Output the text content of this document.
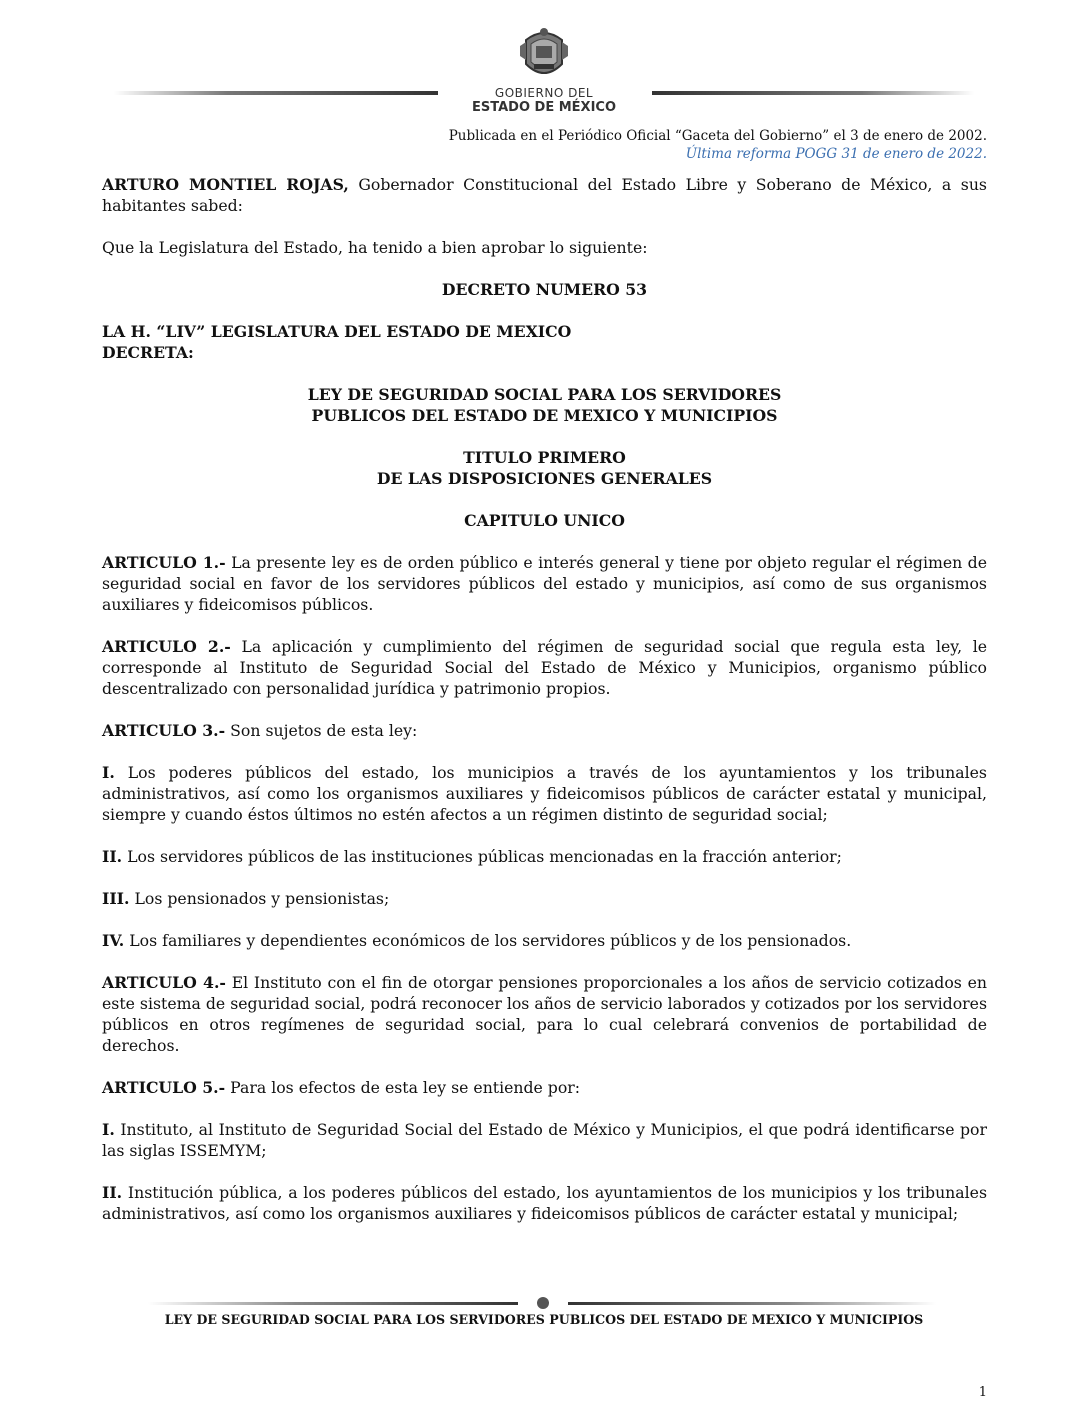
GOBIERNO DEL
ESTADO DE MÉXICO
Publicada en el Periódico Oficial “Gaceta del Gobierno” el 3 de enero de 2002.
Última reforma POGG 31 de enero de 2022.

ARTURO MONTIEL ROJAS, Gobernador Constitucional del Estado Libre y Soberano de México, a sus habitantes sabed:

Que la Legislatura del Estado, ha tenido a bien aprobar lo siguiente:

DECRETO NUMERO 53

LA H. “LIV” LEGISLATURA DEL ESTADO DE MEXICO

DECRETA:

LEY DE SEGURIDAD SOCIAL PARA LOS SERVIDORES

PUBLICOS DEL ESTADO DE MEXICO Y MUNICIPIOS

TITULO PRIMERO

DE LAS DISPOSICIONES GENERALES

CAPITULO UNICO

ARTICULO 1.- La presente ley es de orden público e interés general y tiene por objeto regular el régimen de seguridad social en favor de los servidores públicos del estado y municipios, así como de sus organismos auxiliares y fideicomisos públicos.

ARTICULO 2.- La aplicación y cumplimiento del régimen de seguridad social que regula esta ley, le corresponde al Instituto de Seguridad Social del Estado de México y Municipios, organismo público descentralizado con personalidad jurídica y patrimonio propios.

ARTICULO 3.- Son sujetos de esta ley:

I. Los poderes públicos del estado, los municipios a través de los ayuntamientos y los tribunales administrativos, así como los organismos auxiliares y fideicomisos públicos de carácter estatal y municipal, siempre y cuando éstos últimos no estén afectos a un régimen distinto de seguridad social;

II. Los servidores públicos de las instituciones públicas mencionadas en la fracción anterior;

III. Los pensionados y pensionistas;

IV. Los familiares y dependientes económicos de los servidores públicos y de los pensionados.

ARTICULO 4.- El Instituto con el fin de otorgar pensiones proporcionales a los años de servicio cotizados en este sistema de seguridad social, podrá reconocer los años de servicio laborados y cotizados por los servidores públicos en otros regímenes de seguridad social, para lo cual celebrará convenios de portabilidad de derechos.

ARTICULO 5.- Para los efectos de esta ley se entiende por:

I. Instituto, al Instituto de Seguridad Social del Estado de México y Municipios, el que podrá identificarse por las siglas ISSEMYM;

II. Institución pública, a los poderes públicos del estado, los ayuntamientos de los municipios y los tribunales administrativos, así como los organismos auxiliares y fideicomisos públicos de carácter estatal y municipal;

LEY DE SEGURIDAD SOCIAL PARA LOS SERVIDORES PUBLICOS DEL ESTADO DE MEXICO Y MUNICIPIOS
1
